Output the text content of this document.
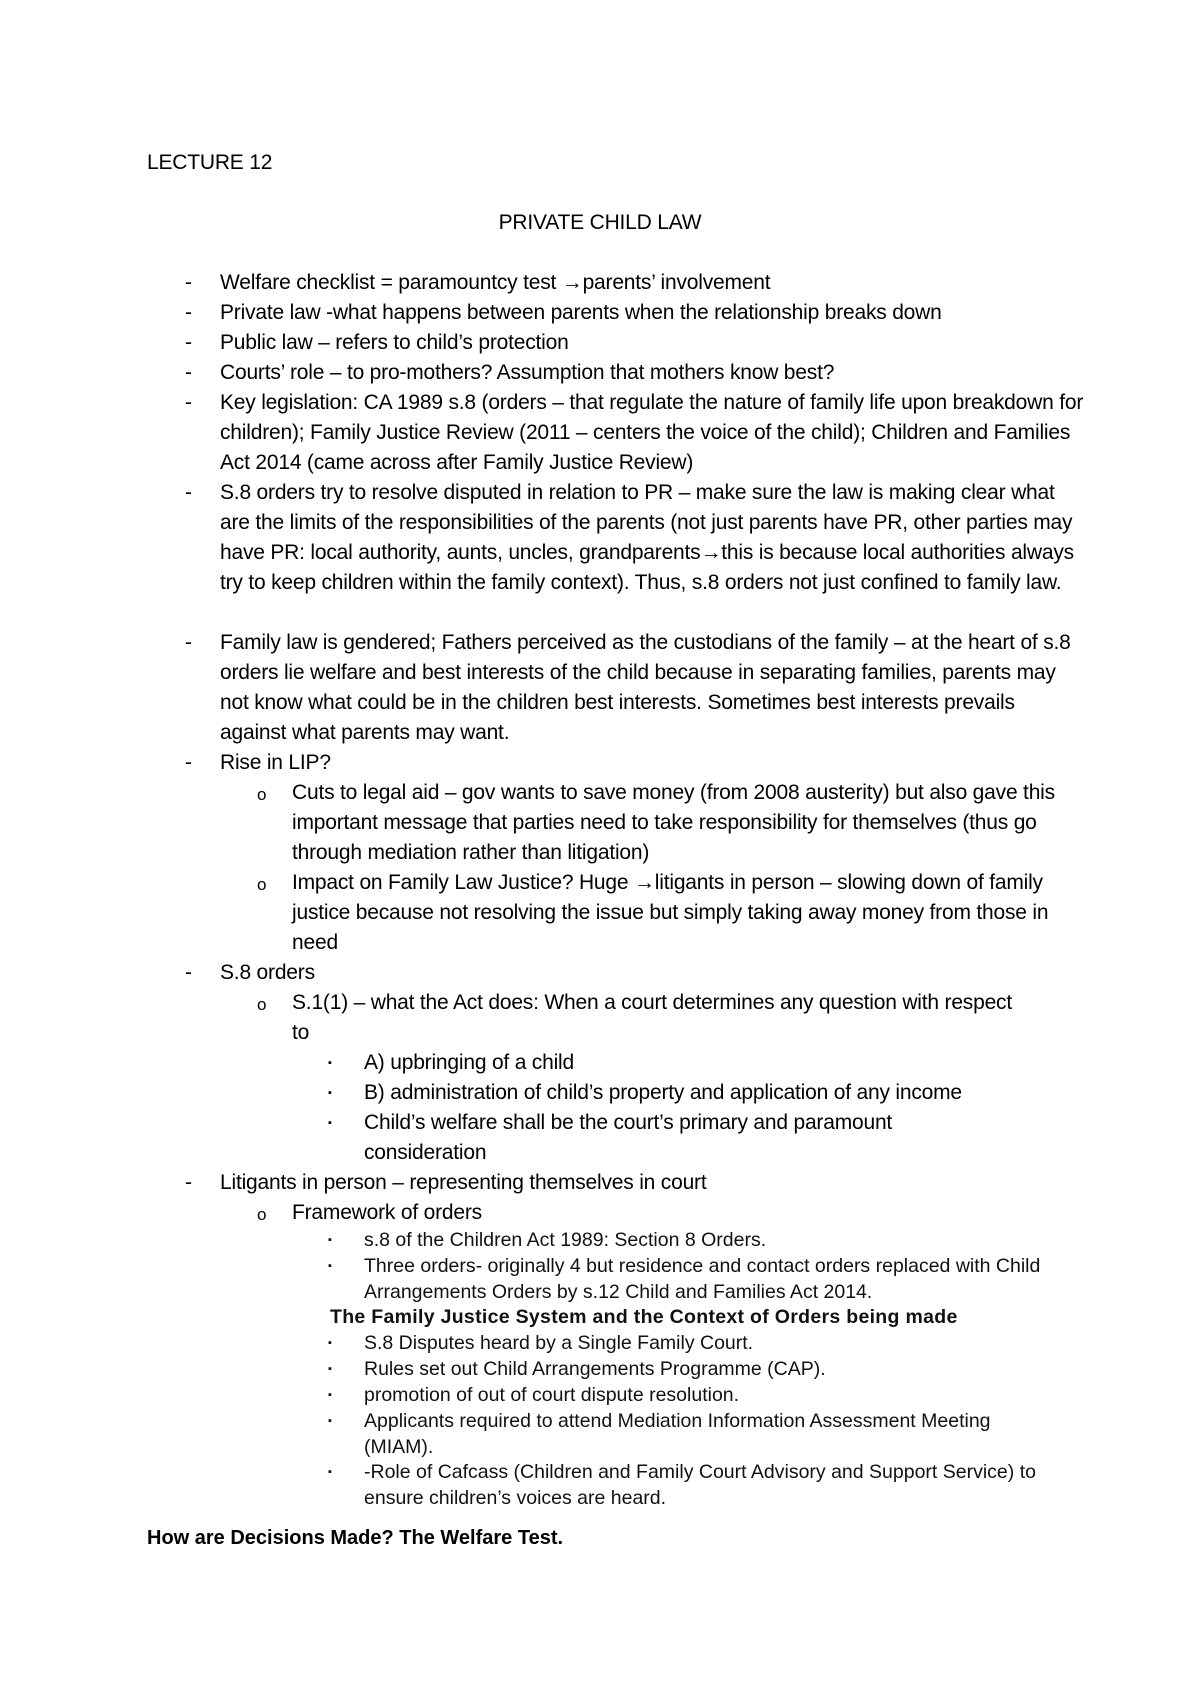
LECTURE 12
PRIVATE CHILD LAW
- Welfare checklist = paramountcy test →parents’ involvement
- Private law -what happens between parents when the relationship breaks down
- Public law – refers to child’s protection
- Courts’ role – to pro-mothers? Assumption that mothers know best?
- Key legislation: CA 1989 s.8 (orders – that regulate the nature of family life upon breakdown for children); Family Justice Review (2011 – centers the voice of the child); Children and Families Act 2014 (came across after Family Justice Review)
- S.8 orders try to resolve disputed in relation to PR – make sure the law is making clear what are the limits of the responsibilities of the parents (not just parents have PR, other parties may have PR: local authority, aunts, uncles, grandparents→this is because local authorities always try to keep children within the family context). Thus, s.8 orders not just confined to family law.
- Family law is gendered; Fathers perceived as the custodians of the family – at the heart of s.8 orders lie welfare and best interests of the child because in separating families, parents may not know what could be in the children best interests. Sometimes best interests prevails against what parents may want.
- Rise in LIP?
o Cuts to legal aid – gov wants to save money (from 2008 austerity) but also gave this important message that parties need to take responsibility for themselves (thus go through mediation rather than litigation)
o Impact on Family Law Justice? Huge →litigants in person – slowing down of family justice because not resolving the issue but simply taking away money from those in need
- S.8 orders
o S.1(1) – what the Act does: When a court determines any question with respect to
▪ A) upbringing of a child
▪ B) administration of child’s property and application of any income
▪ Child’s welfare shall be the court’s primary and paramount consideration
- Litigants in person – representing themselves in court
o Framework of orders
▪ s.8 of the Children Act 1989: Section 8 Orders.
▪ Three orders- originally 4 but residence and contact orders replaced with Child Arrangements Orders by s.12 Child and Families Act 2014.
The Family Justice System and the Context of Orders being made
▪ S.8 Disputes heard by a Single Family Court.
▪ Rules set out Child Arrangements Programme (CAP).
▪ promotion of out of court dispute resolution.
▪ Applicants required to attend Mediation Information Assessment Meeting (MIAM).
▪ -Role of Cafcass (Children and Family Court Advisory and Support Service) to ensure children’s voices are heard.
How are Decisions Made? The Welfare Test.
